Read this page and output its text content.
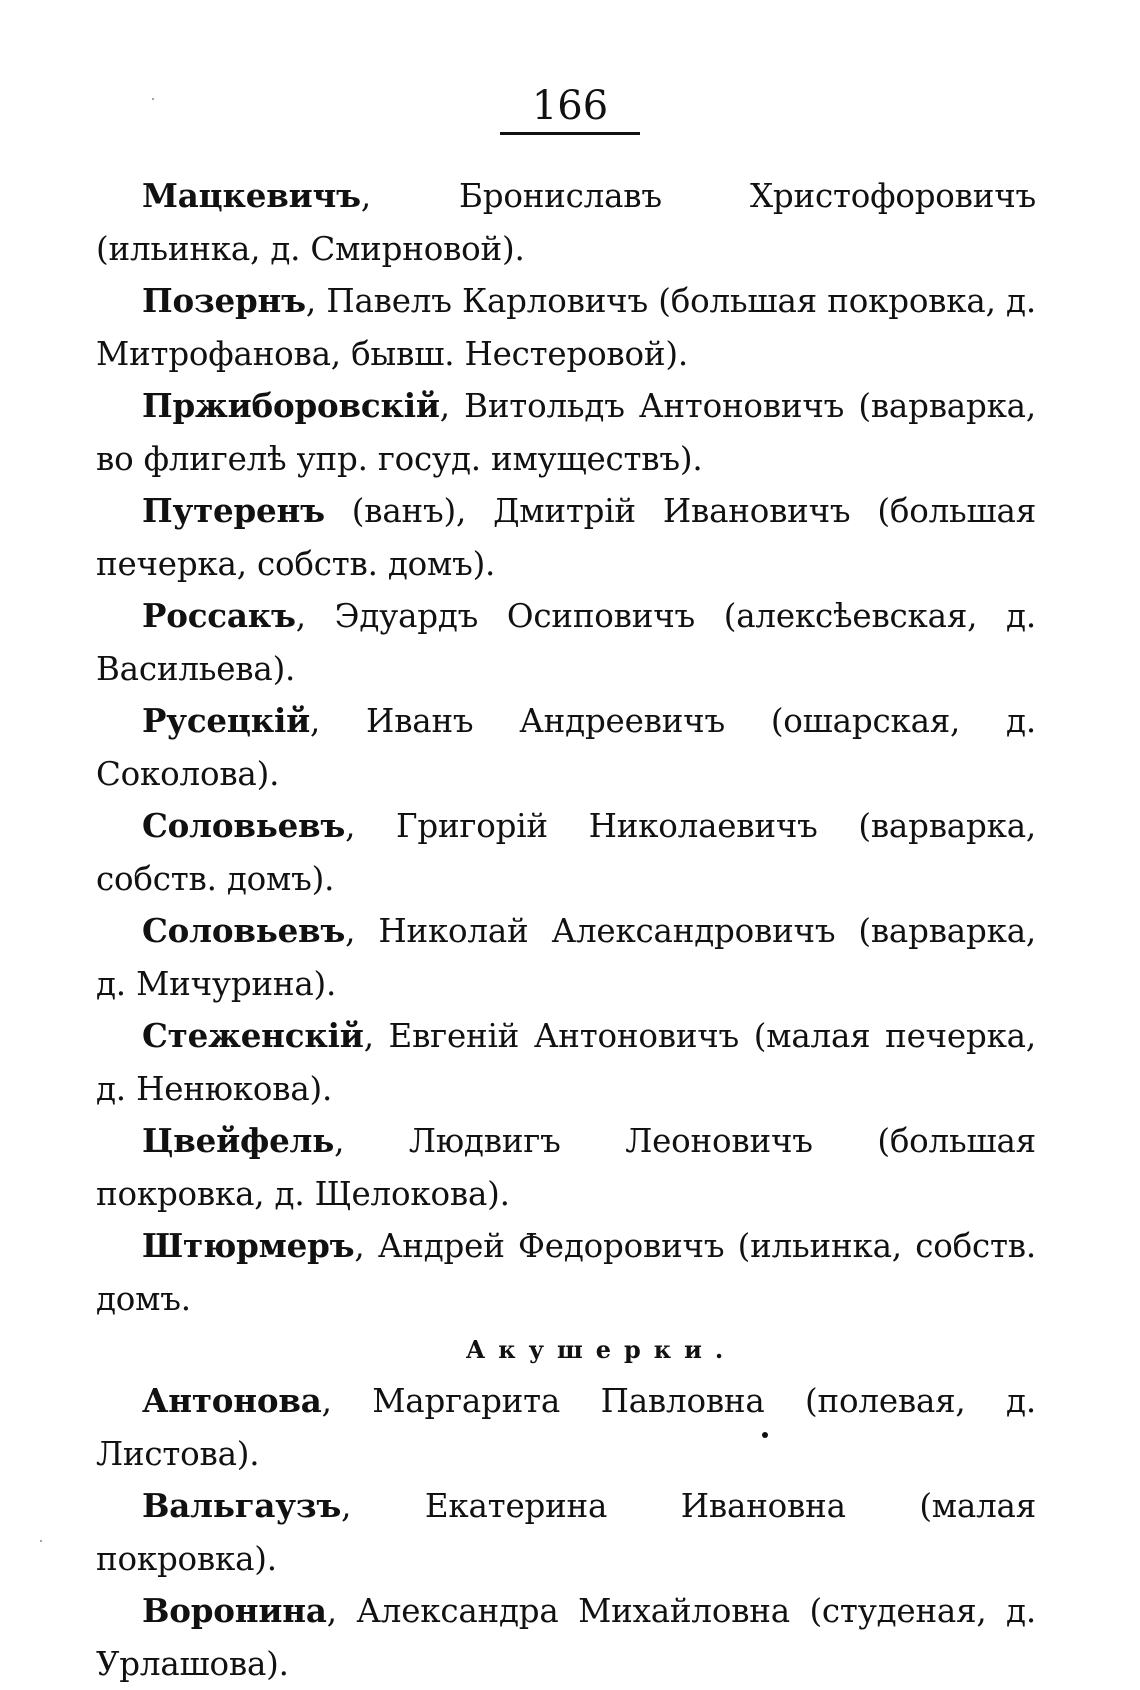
166

Мацкевичъ, Брониславъ Христофоровичъ (ильинка, д. Смирновой).

Позернъ, Павелъ Карловичъ (большая покровка, д. Митрофанова, бывш. Нестеровой).

Пржиборовскій, Витольдъ Антоновичъ (варварка, во флигелѣ упр. госуд. имуществъ).

Путеренъ (ванъ), Дмитрій Ивановичъ (большая печерка, собств. домъ).

Россакъ, Эдуардъ Осиповичъ (алексѣевская, д. Васильева).

Русецкій, Иванъ Андреевичъ (ошарская, д. Соколова).

Соловьевъ, Григорій Николаевичъ (варварка, собств. домъ).

Соловьевъ, Николай Александровичъ (варварка, д. Мичурина).

Стеженскій, Евгеній Антоновичъ (малая печерка, д. Ненюкова).

Цвейфель, Людвигъ Леоновичъ (большая покровка, д. Щелокова).

Штюрмеръ, Андрей Федоровичъ (ильинка, собств. домъ.

Акушерки.

Антонова, Маргарита Павловна (полевая, д. Листова).

Вальгаузъ, Екатерина Ивановна (малая покровка).

Воронина, Александра Михайловна (студеная, д. Урлашова).
